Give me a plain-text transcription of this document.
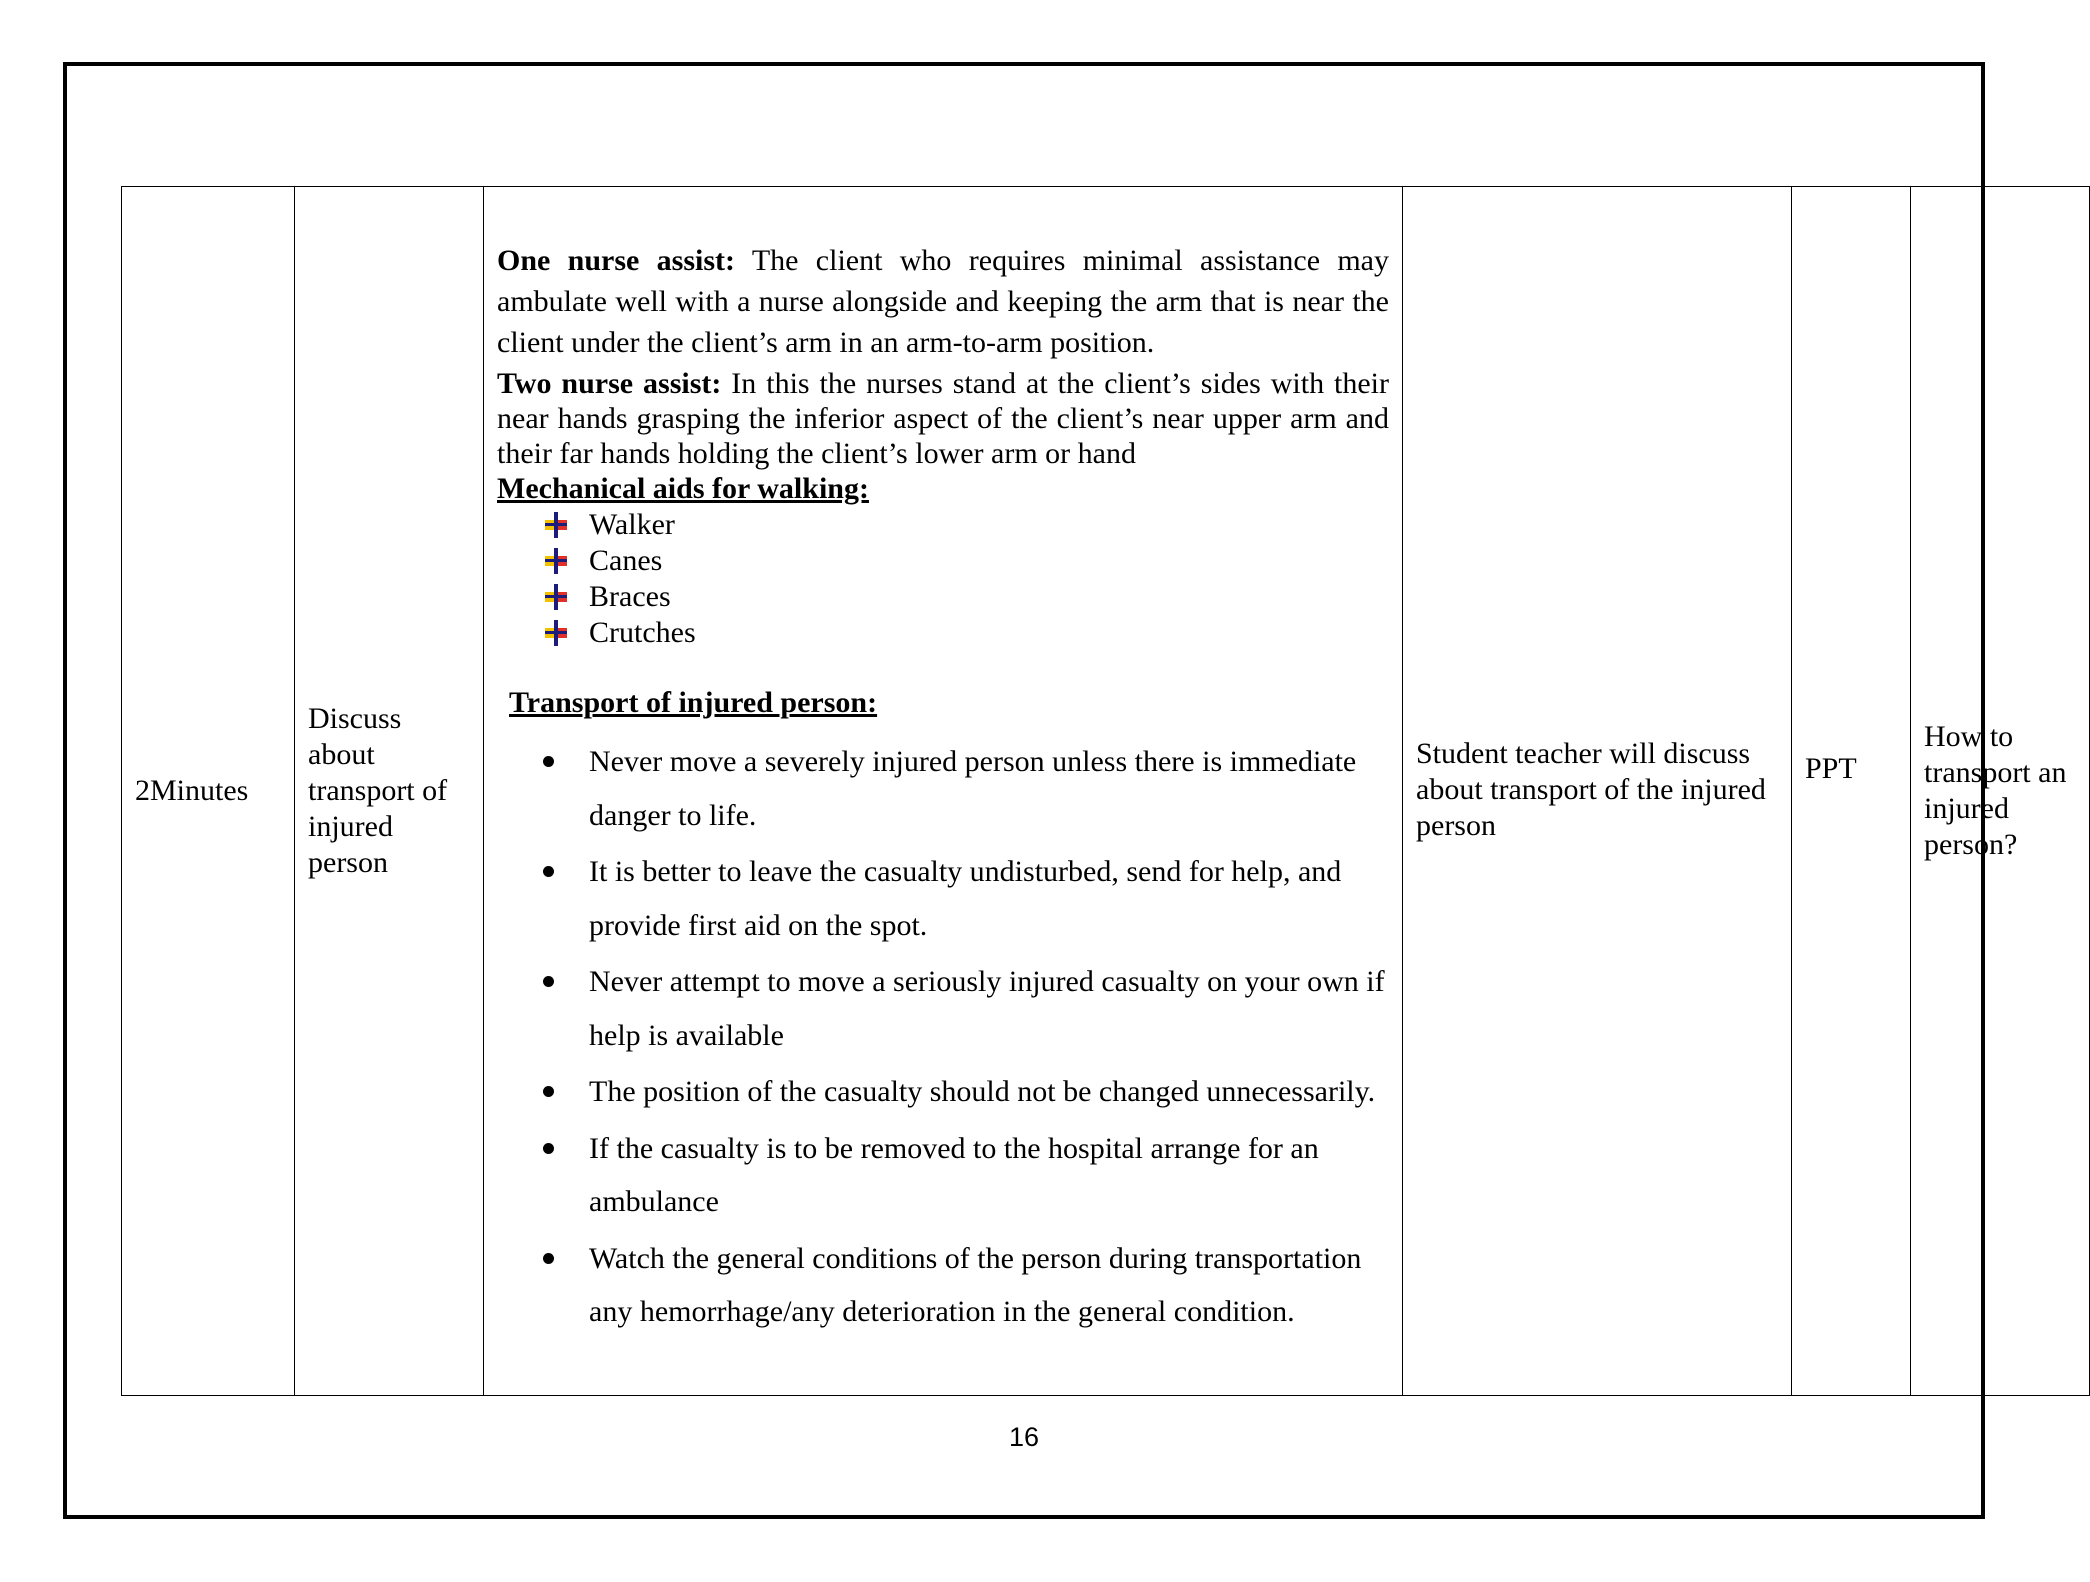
2Minutes

Discuss about transport of injured person

One nurse assist: The client who requires minimal assistance may ambulate well with a nurse alongside and keeping the arm that is near the client under the client’s arm in an arm-to-arm position.
Two nurse assist: In this the nurses stand at the client’s sides with their near hands grasping the inferior aspect of the client’s near upper arm and their far hands holding the client’s lower arm or hand
Mechanical aids for walking:
Walker
Canes
Braces
Crutches
Transport of injured person:
Never move a severely injured person unless there is immediate danger to life.
It is better to leave the casualty undisturbed, send for help, and provide first aid on the spot.
Never attempt to move a seriously injured casualty on your own if help is available
The position of the casualty should not be changed unnecessarily.
If the casualty is to be removed to the hospital arrange for an ambulance
Watch the general conditions of the person during transportation any hemorrhage/any deterioration in the general condition.

Student teacher will discuss about transport of the injured person

PPT

How to transport an injured person?
16
